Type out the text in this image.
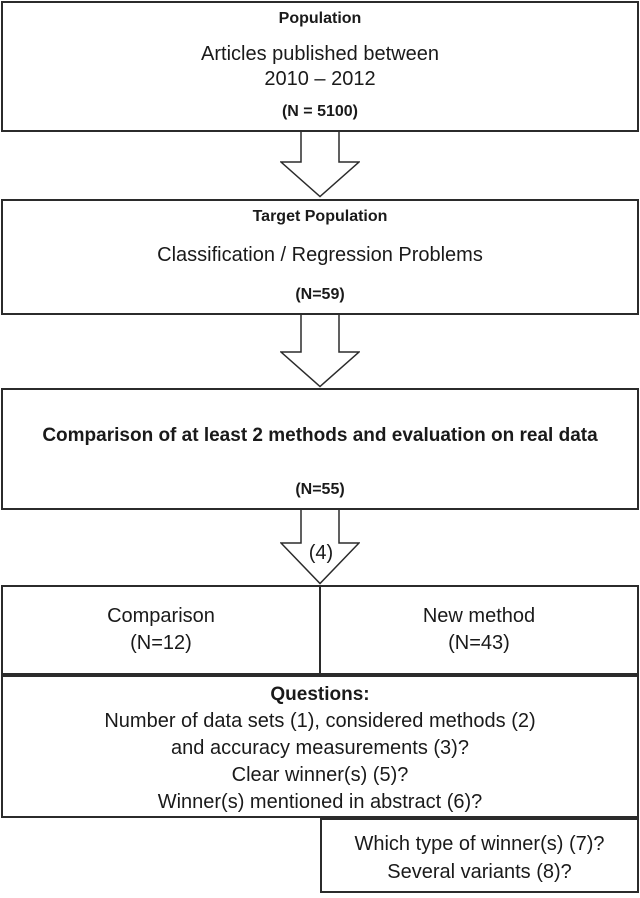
Population
Articles published between
2010 – 2012
(N = 5100)
Target Population
Classification / Regression Problems
(N=59)
Comparison of at least 2 methods and evaluation on real data
(N=55)
(4)
Comparison
(N=12)
New method
(N=43)
Questions:
Number of data sets (1), considered methods (2)
and accuracy measurements (3)?
Clear winner(s) (5)?
Winner(s) mentioned in abstract (6)?
Which type of winner(s) (7)?
Several variants (8)?
